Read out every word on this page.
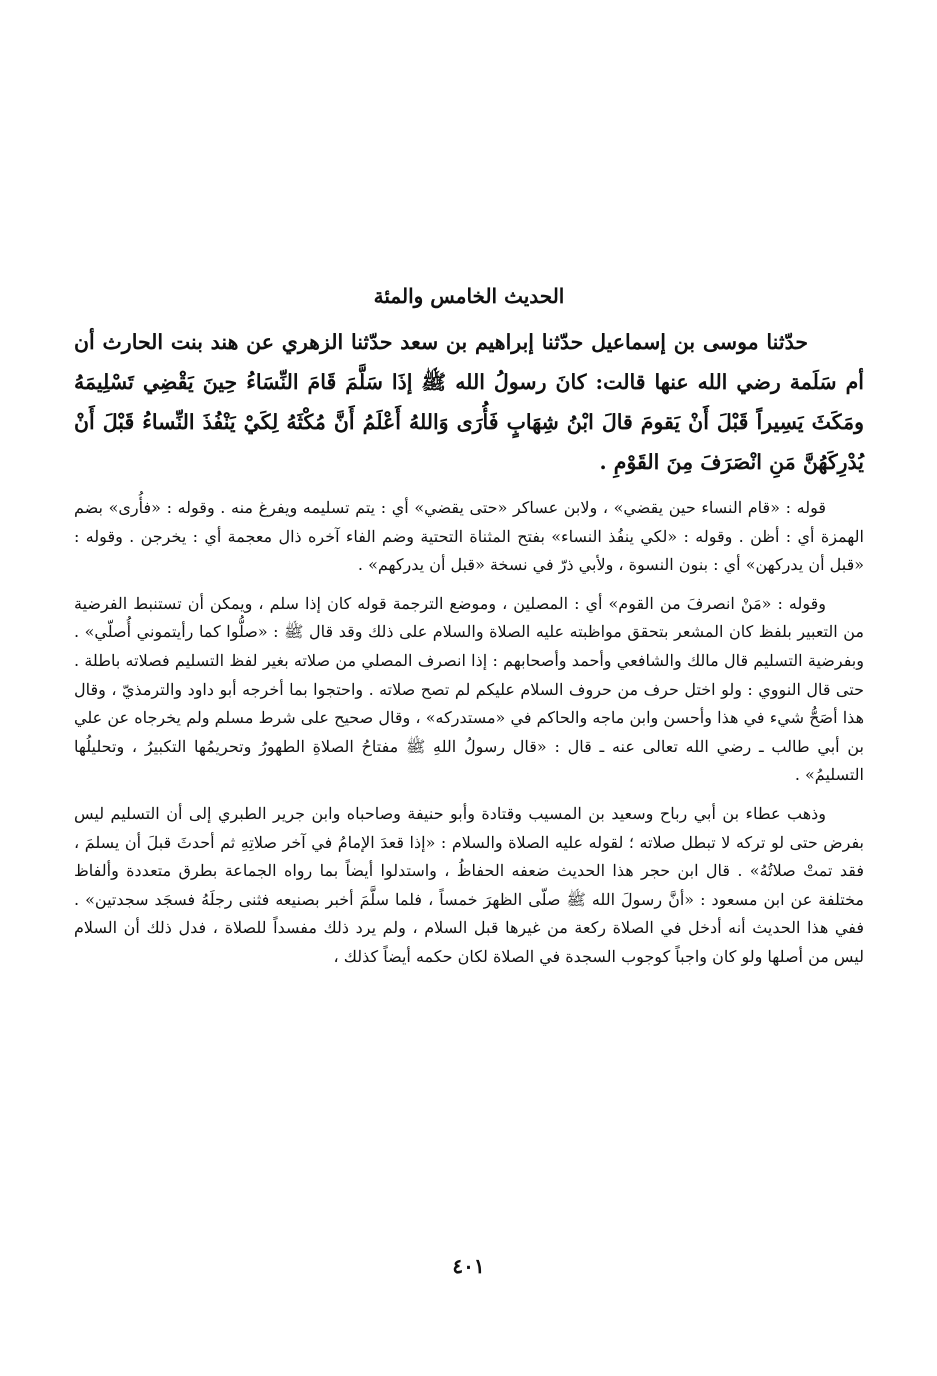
الحديث الخامس والمئة

حدّثنا موسى بن إسماعيل حدّثنا إبراهيم بن سعد حدّثنا الزهري عن هند بنت الحارث أن أم سَلَمة رضي الله عنها قالت: كانَ رسولُ الله ﷺ إذَا سَلَّمَ قَامَ النِّسَاءُ حِينَ يَقْضِي تَسْلِيمَهُ ومَكَثَ يَسِيراً قَبْلَ أَنْ يَقومَ قالَ ابْنُ شِهَابٍ فَأُرَى وَاللهُ أَعْلَمُ أَنَّ مُكْثَهُ لِكَيْ يَنْفُذَ النِّساءُ قَبْلَ أَنْ يُدْرِكَهُنَّ مَنِ انْصَرَفَ مِنَ القَوْمِ .

قوله : «قام النساء حين يقضي» ، ولابن عساكر «حتى يقضي» أي : يتم تسليمه ويفرغ منه . وقوله : «فأُرى» بضم الهمزة أي : أظن . وقوله : «لكي ينفُذ النساء» بفتح المثناة التحتية وضم الفاء آخره ذال معجمة أي : يخرجن . وقوله : «قبل أن يدركهن» أي : بنون النسوة ، ولأبي ذرّ في نسخة «قبل أن يدركهم» .

وقوله : «مَنْ انصرفَ من القوم» أي : المصلين ، وموضع الترجمة قوله كان إذا سلم ، ويمكن أن تستنبط الفرضية من التعبير بلفظ كان المشعر بتحقق مواظبته عليه الصلاة والسلام على ذلك وقد قال ﷺ : «صلُّوا كما رأيتموني أُصلّي» . وبفرضية التسليم قال مالك والشافعي وأحمد وأصحابهم : إذا انصرف المصلي من صلاته بغير لفظ التسليم فصلاته باطلة . حتى قال النووي : ولو اختل حرف من حروف السلام عليكم لم تصح صلاته . واحتجوا بما أخرجه أبو داود والترمذيّ ، وقال هذا أصَحُّ شيء في هذا وأحسن وابن ماجه والحاكم في «مستدركه» ، وقال صحيح على شرط مسلم ولم يخرجاه عن علي بن أبي طالب ـ رضي الله تعالى عنه ـ قال : «قال رسولُ اللهِ ﷺ مفتاحُ الصلاةِ الطهورُ وتحريمُها التكبيرُ ، وتحليلُها التسليمُ» .

وذهب عطاء بن أبي رباح وسعيد بن المسيب وقتادة وأبو حنيفة وصاحباه وابن جرير الطبري إلى أن التسليم ليس بفرض حتى لو تركه لا تبطل صلاته ؛ لقوله عليه الصلاة والسلام : «إذا قعدَ الإمامُ في آخر صلاتِهِ ثم أحدثَ قبلَ أن يسلمَ ، فقد تمتْ صلاتُهُ» . قال ابن حجر هذا الحديث ضعفه الحفاظُ ، واستدلوا أيضاً بما رواه الجماعة بطرق متعددة وألفاظ مختلفة عن ابن مسعود : «أنَّ رسولَ الله ﷺ صلّى الظهرَ خمساً ، فلما سلَّمَ أخبر بصنيعه فثنى رجلَهُ فسجَد سجدتين» . ففي هذا الحديث أنه أدخل في الصلاة ركعة من غيرها قبل السلام ، ولم يرد ذلك مفسداً للصلاة ، فدل ذلك أن السلام ليس من أصلها ولو كان واجباً كوجوب السجدة في الصلاة لكان حكمه أيضاً كذلك ،

٤٠١
